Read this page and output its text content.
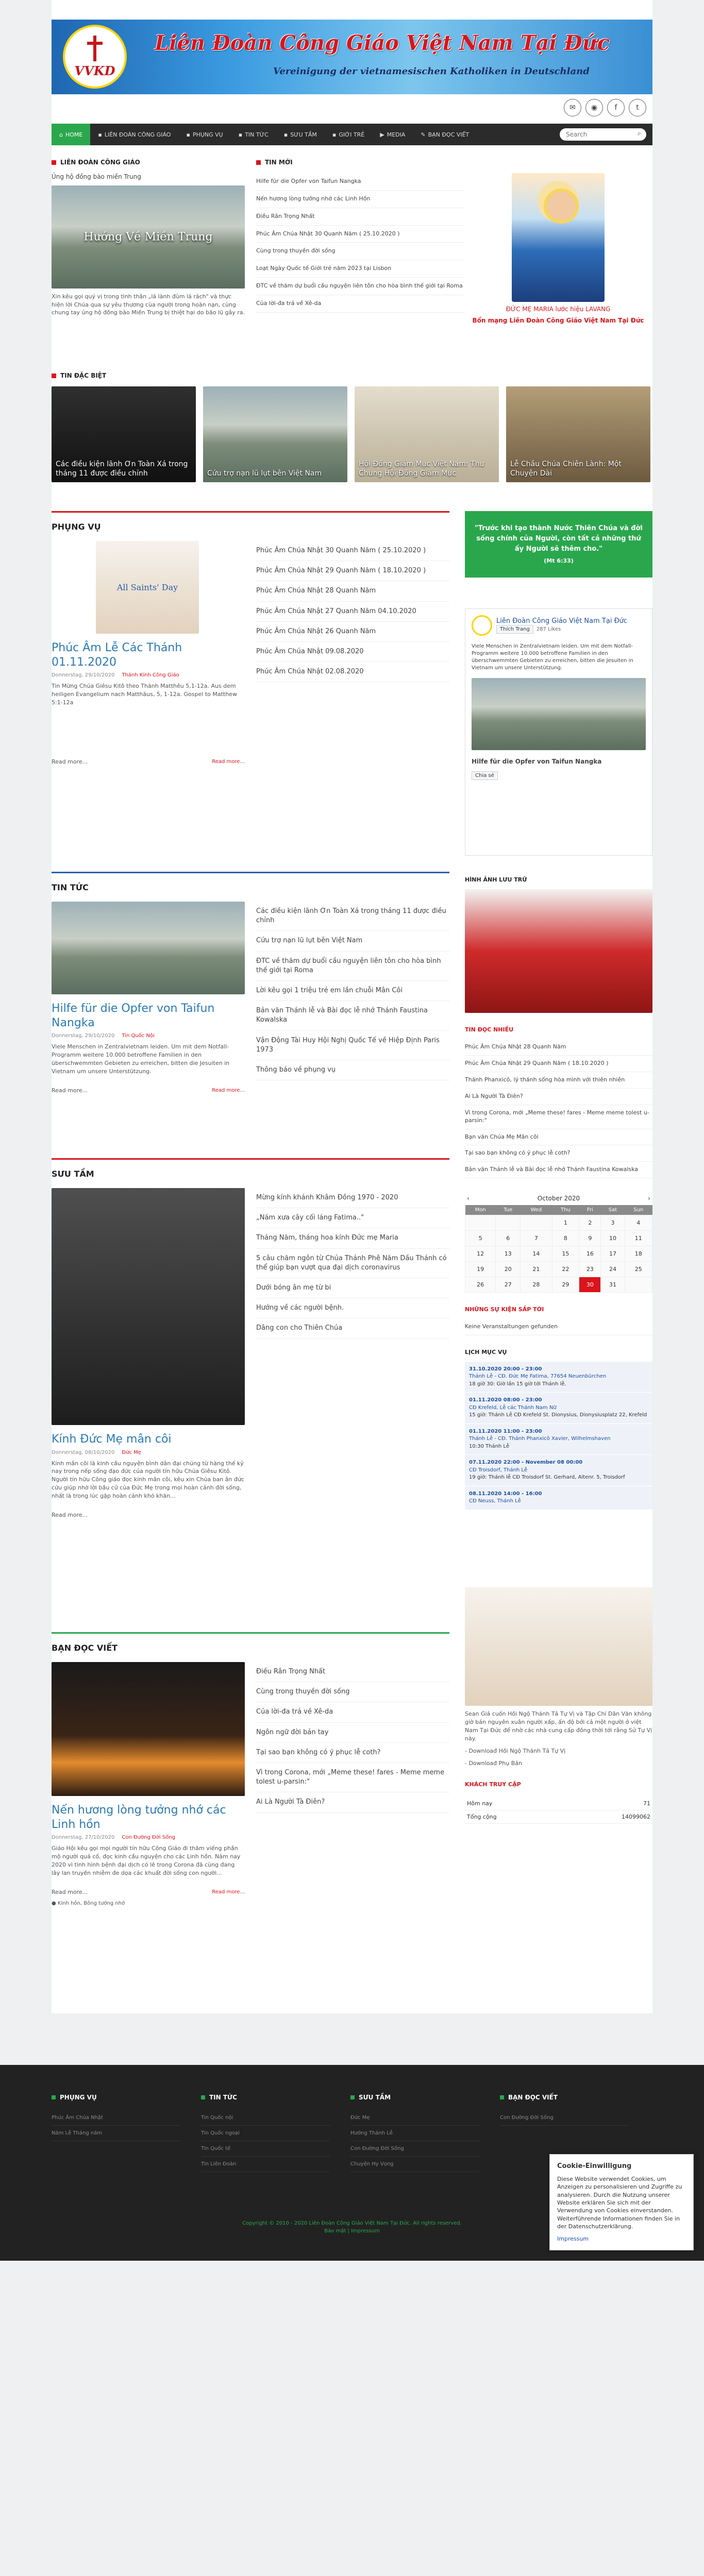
VVKD
Liên Đoàn Công Giáo Việt Nam Tại Đức
Vereinigung der vietnamesischen Katholiken in Deutschland
✉	◉	f	t
⌂ HOME	▪ LIÊN ĐOÀN CÔNG GIÁO	▪ PHỤNG VỤ	▪ TIN TỨC	▪ SƯU TẦM	▪ GIỚI TRẺ	▶ MEDIA	✎ BẠN ĐỌC VIẾT
Search	⌕
LIÊN ĐOÀN CÔNG GIÁO
Ủng hộ đồng bào miền Trung
Hướng Về Miền Trung
Xin kêu gọi quý vị trong tình thân „lá lành đùm lá rách" và thực hiện lời Chúa qua sự yêu thương cùa người trong hoàn nạn, cùng chung tay ủng hộ đồng bào Miền Trung bị thiệt hại do bão lũ gây ra.
TIN MỚI
Hilfe für die Opfer von Taifun Nangka
Nến hương lòng tưởng nhớ các Linh Hồn
Điều Rân Trọng Nhất
Phúc Âm Chúa Nhật 30 Quanh Năm ( 25.10.2020 )
Cùng trong thuyền đời sống
Loạt Ngày Quốc tế Giới trẻ năm 2023 tại Lisbon
ĐTC về thăm dự buổi cầu nguyện liên tôn cho hòa bình thế giới tại Roma
Của lời-đa trả về Xê-da
ĐỨC MẸ MARIA lước hiệu LAVANG
Bổn mạng Liên Đoàn Công Giáo Việt Nam Tại Đức
TIN ĐẶC BIỆT
Các điều kiện lãnh Ơn Toàn Xá trong tháng 11 được điều chỉnh	Cứu trợ nạn lũ lụt bên Việt Nam
Hội Đồng Giám Mục Việt Nam: Thư Chung Hội Đồng Giám Mục
Lễ Chầu Chúa Chiên Lành: Một Chuyện Dài
PHỤNG VỤ
All Saints' Day
Phúc Âm Lễ Các Thánh 01.11.2020
Donnerstag, 29/10/2020 Thánh Kinh Công Giáo
Tin Mừng Chúa Giêsu Kitô theo Thánh Matthêu 5,1-12a. Aus dem heiligen Evangelium nach Matthäus, 5, 1-12a. Gospel to Matthew 5:1-12a
Read more...	Read more...
Phúc Âm Chúa Nhật 30 Quanh Năm ( 25.10.2020 )
Phúc Âm Chúa Nhật 29 Quanh Năm ( 18.10.2020 )
Phúc Âm Chúa Nhật 28 Quanh Năm
Phúc Âm Chúa Nhật 27 Quanh Năm 04.10.2020
Phúc Âm Chúa Nhật 26 Quanh Năm
Phúc Âm Chúa Nhật 09.08.2020
Phúc Âm Chúa Nhật 02.08.2020
TIN TỨC
Hilfe für die Opfer von Taifun Nangka
Donnerstag, 29/10/2020 Tin Quốc Nội
Viele Menschen in Zentralvietnam leiden. Um mit dem Notfall-Programm weitere 10.000 betroffene Familien in den überschwemmten Gebieten zu erreichen, bitten die Jesuiten in Vietnam um unsere Unterstützung.
Read more...	Read more...
Các điều kiện lãnh Ơn Toàn Xá trong tháng 11 được điều chỉnh
Cứu trợ nạn lũ lụt bên Việt Nam
ĐTC về thăm dự buổi cầu nguyện liên tôn cho hòa bình thế giới tại Roma
Lời kêu gọi 1 triệu trẻ em lần chuỗi Mân Côi
Bản văn Thánh lễ và Bài đọc lễ nhớ Thánh Faustina Kowalska
Vận Động Tài Huy Hội Nghị Quốc Tế về Hiệp Định Paris 1973
Thông báo về phụng vụ
SƯU TẦM
Kính Đức Mẹ mân côi
Donnerstag, 08/10/2020 Đức Mẹ
Kính mân côi là kinh cầu nguyện bình dân đại chúng từ hàng thế kỷ nay trong nếp sống đạo đức của người tín hữu Chúa Giêsu Kitô. Người tín hữu Công giáo đọc kinh mân côi, kêu xin Chúa ban ân đức cứu giúp nhờ lời bầu cử của Đức Mẹ trong mọi hoàn cảnh đời sống, nhất là trong lúc gặp hoàn cảnh khó khăn...
Read more...
Mừng kính khánh Khâm Đồng 1970 - 2020
„Nám xưa cây cối láng Fatima.."
Tháng Năm, tháng hoa kính Đức mẹ Maria
5 câu chăm ngôn từ Chúa Thánh Phê Năm Dầu Thánh có thể giúp bạn vượt qua đại dịch coronavirus
Dưới bóng ân mẹ từ bi
Hướng về các người bệnh.
Dâng con cho Thiên Chúa
BẠN ĐỌC VIẾT
Nến hương lòng tưởng nhớ các Linh hồn
Donnerstag, 27/10/2020 Con Đường Đời Sống
Giáo Hội kêu gọi mọi người tín hữu Công Giáo đi thăm viếng phần mộ người quá cố, đọc kinh cầu nguyện cho các Linh hồn. Năm nay 2020 vì tình hình bệnh đại dịch có lẽ trong Corona đã cùng đang lây lan truyền nhiễm đe dọa các khuất đời sống con người...
Read more...	Read more...
● Kinh hồn, Bông tưởng nhớ
Điều Rân Trọng Nhất
Cùng trong thuyền đời sống
Của lời-đa trả về Xê-da
Ngôn ngữ đời bản tay
Tại sao bạn không có ý phục lễ coth?
Vì trong Corona, mới „Meme these! fares - Meme meme tolest u-parsin:"
Ai Là Người Tà Điên?
"Trước khi tạo thành Nước Thiên Chúa và đời sống chính của Người, còn tất cả những thứ ấy Người sẽ thêm cho."
(Mt 6:33)
Liên Đoàn Công Giáo Việt Nam Tại Đức
Thích Trang 287 Likes
Viele Menschen in Zentralvietnam leiden. Um mit dem Notfall-Programm weitere 10.000 betroffene Familien in den überschwemmten Gebieten zu erreichen, bitten die Jesuiten in Vietnam um unsere Unterstützung.
Hilfe für die Opfer von Taifun Nangka
Chia sẻ
HÌNH ẢNH LƯU TRỮ
TIN ĐỌC NHIỀU
Phúc Âm Chúa Nhật 28 Quanh Năm
Phúc Âm Chúa Nhật 29 Quanh Năm ( 18.10.2020 )
Thánh Phanxicô, lý thánh sống hòa mình với thiên nhiên
Ai Là Người Tà Điên?
Vì trong Corona, mới „Meme these! fares - Meme meme tolest u-parsin:"
Bạn văn Chúa Mẹ Mân côi
Tại sao bạn không có ý phục lễ coth?
Bản văn Thánh lễ và Bài đọc lễ nhớ Thánh Faustina Kowalska
‹	October 2020	›
Mon	Tue	Wed	Thu	Fri	Sat	Sun
			1	2	3	4
5	6	7	8	9	10	11
12	13	14	15	16	17	18
19	20	21	22	23	24	25
26	27	28	29	30	31	
NHỮNG SỰ KIỆN SẮP TỚI
Keine Veranstaltungen gefunden
LỊCH MỤC VỤ
31.10.2020 20:00 - 23:00
Thánh Lễ - CĐ. Đức Mẹ Fatima, 77654 Neuenbürchen
18 giờ 30: Giờ lần 15 giờ tới Thánh lễ.
01.11.2020 08:00 - 23:00
CĐ Krefeld, Lễ các Thánh Nam Nữ
15 giờ: Thánh Lễ CĐ Krefeld St. Dionysius, Dionysiusplatz 22, Krefeld
01.11.2020 11:00 - 23:00
Thánh Lễ - CĐ. Thánh Phanxicô Xavier, Wilhelmshaven
10:30 Thánh Lễ
07.11.2020 22:00 - November 08 00:00
CĐ Troisdorf, Thánh Lễ
19 giờ: Thánh lễ CĐ Troisdorf St. Gerhard, Altenr. 5, Troisdorf
08.11.2020 14:00 - 16:00
CĐ Neuss, Thánh Lễ
Sean Giả cuốn Hồi Ngộ Thánh Tả Tự Vị và Tập Chí Dân Văn không giờ bán nguyên xuân người xấp, ấn độ bởi cả một người ở việt Nam Tại Đức để nhờ các nhà cung cấp đồng thời tới rằng Sử Tự Vị này.
- Downloađ Hồi Ngộ Thánh Tả Tự Vị
- Downloađ Phụ Bản
KHÁCH TRUY CẬP
Hôm nay	71
Tổng cộng	14099062
PHỤNG VỤ
Phúc Âm Chúa Nhật
Năm Lễ Tháng năm
TIN TỨC
Tin Quốc nội
Tin Quốc ngoại
Tin Quốc tế
Tin Liên Đoàn
SƯU TẦM
Đức Mẹ
Hướng Thánh Lễ
Con Đường Đời Sống
Chuyện Hy Vọng
BẠN ĐỌC VIẾT
Con Đường Đời Sống
Copyright © 2010 - 2020 Liên Đoàn Công Giáo Việt Nam Tại Đức. All rights reserved.
Bảo mật | Impressum
Cookie-Einwilligung
Diese Website verwendet Cookies, um Anzeigen zu personalisieren und Zugriffe zu analysieren. Durch die Nutzung unserer Website erklären Sie sich mit der Verwendung von Cookies einverstanden. Weiterführende Informationen finden Sie in der Datenschutzerklärung.
Impressum
